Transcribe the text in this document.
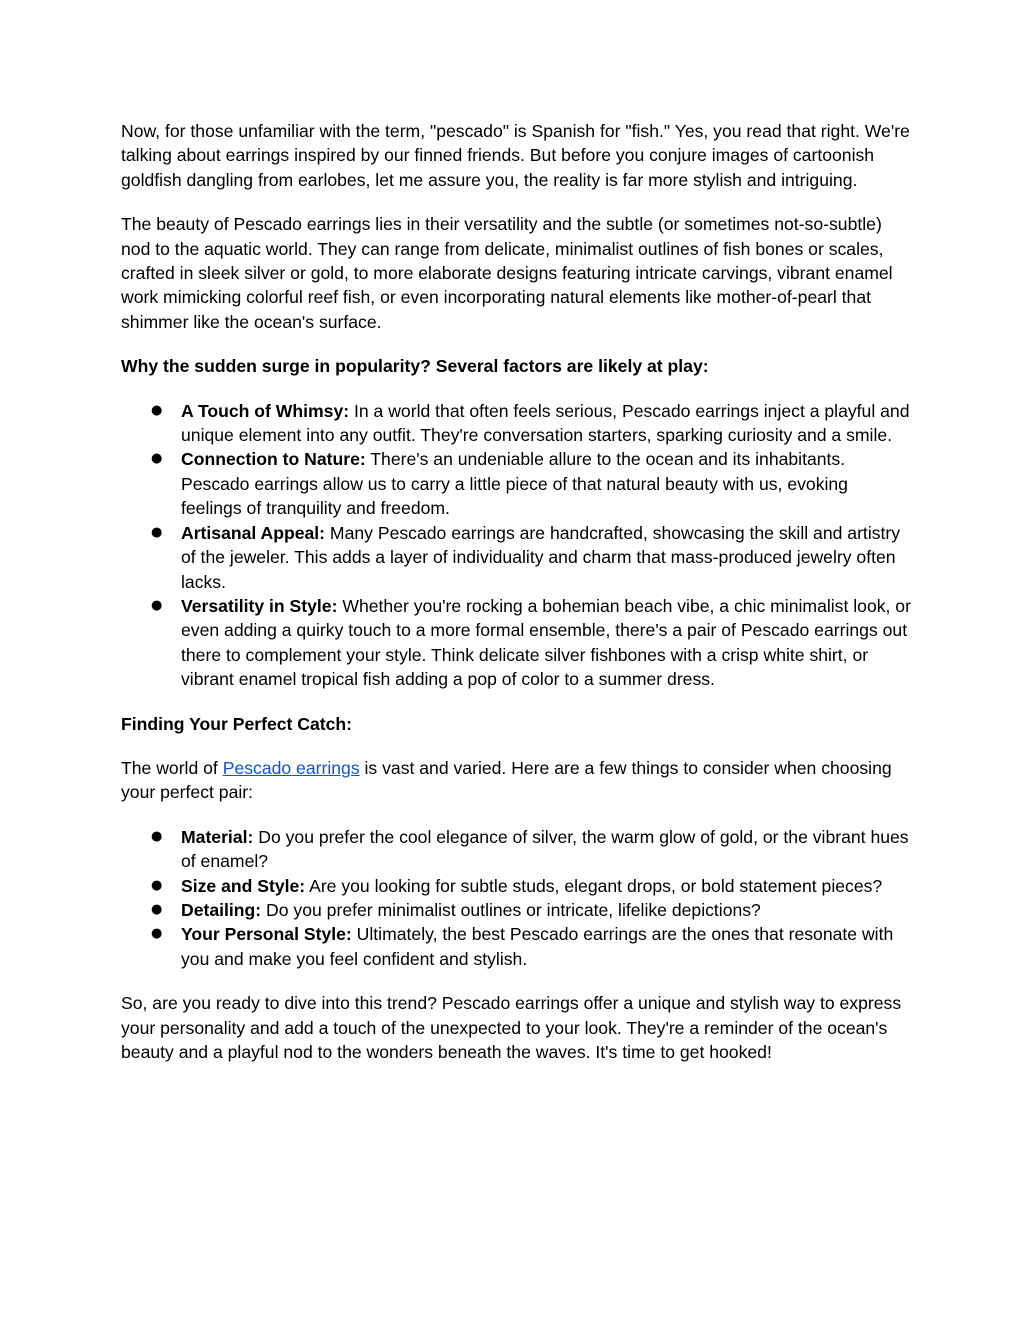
Now, for those unfamiliar with the term, "pescado" is Spanish for "fish." Yes, you read that right. We're talking about earrings inspired by our finned friends. But before you conjure images of cartoonish goldfish dangling from earlobes, let me assure you, the reality is far more stylish and intriguing.

The beauty of Pescado earrings lies in their versatility and the subtle (or sometimes not-so-subtle) nod to the aquatic world. They can range from delicate, minimalist outlines of fish bones or scales, crafted in sleek silver or gold, to more elaborate designs featuring intricate carvings, vibrant enamel work mimicking colorful reef fish, or even incorporating natural elements like mother-of-pearl that shimmer like the ocean's surface.

Why the sudden surge in popularity? Several factors are likely at play:

● A Touch of Whimsy: In a world that often feels serious, Pescado earrings inject a playful and unique element into any outfit. They're conversation starters, sparking curiosity and a smile.
● Connection to Nature: There's an undeniable allure to the ocean and its inhabitants. Pescado earrings allow us to carry a little piece of that natural beauty with us, evoking feelings of tranquility and freedom.
● Artisanal Appeal: Many Pescado earrings are handcrafted, showcasing the skill and artistry of the jeweler. This adds a layer of individuality and charm that mass-produced jewelry often lacks.
● Versatility in Style: Whether you're rocking a bohemian beach vibe, a chic minimalist look, or even adding a quirky touch to a more formal ensemble, there's a pair of Pescado earrings out there to complement your style. Think delicate silver fishbones with a crisp white shirt, or vibrant enamel tropical fish adding a pop of color to a summer dress.

Finding Your Perfect Catch:

The world of Pescado earrings is vast and varied. Here are a few things to consider when choosing your perfect pair:

● Material: Do you prefer the cool elegance of silver, the warm glow of gold, or the vibrant hues of enamel?
● Size and Style: Are you looking for subtle studs, elegant drops, or bold statement pieces?
● Detailing: Do you prefer minimalist outlines or intricate, lifelike depictions?
● Your Personal Style: Ultimately, the best Pescado earrings are the ones that resonate with you and make you feel confident and stylish.

So, are you ready to dive into this trend? Pescado earrings offer a unique and stylish way to express your personality and add a touch of the unexpected to your look. They're a reminder of the ocean's beauty and a playful nod to the wonders beneath the waves. It's time to get hooked!
